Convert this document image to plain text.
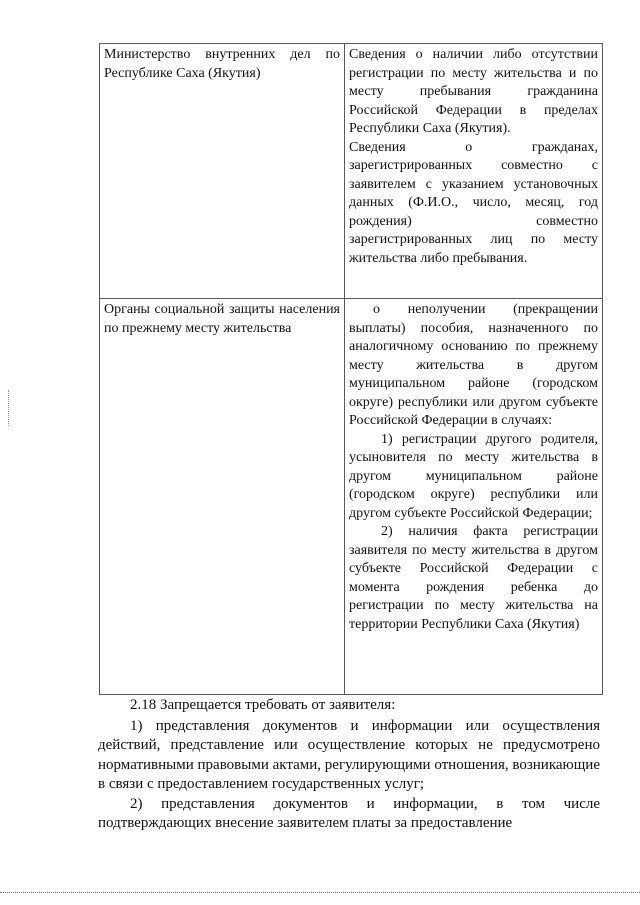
Министерство внутренних дел по Республике Саха (Якутия)	Сведения о наличии либо отсутствии регистрации по месту жительства и по месту пребывания гражданина Российской Федерации в пределах Республики Саха (Якутия).

Сведения о гражданах, зарегистрированных совместно с заявителем с указанием установочных данных (Ф.И.О., число, месяц, год рождения) совместно зарегистрированных лиц по месту жительства либо пребывания.

Органы социальной защиты населения по прежнему месту жительства	о неполучении (прекращении выплаты) пособия, назначенного по аналогичному основанию по прежнему месту жительства в другом муниципальном районе (городском округе) республики или другом субъекте Российской Федерации в случаях:

1) регистрации другого родителя, усыновителя по месту жительства в другом муниципальном районе (городском округе) республики или другом субъекте Российской Федерации;

2) наличия факта регистрации заявителя по месту жительства в другом субъекте Российской Федерации с момента рождения ребенка до регистрации по месту жительства на территории Республики Саха (Якутия)

2.18 Запрещается требовать от заявителя:

1) представления документов и информации или осуществления действий, представление или осуществление которых не предусмотрено нормативными правовыми актами, регулирующими отношения, возникающие в связи с предоставлением государственных услуг;

2) представления документов и информации, в том числе подтверждающих внесение заявителем платы за предоставление
